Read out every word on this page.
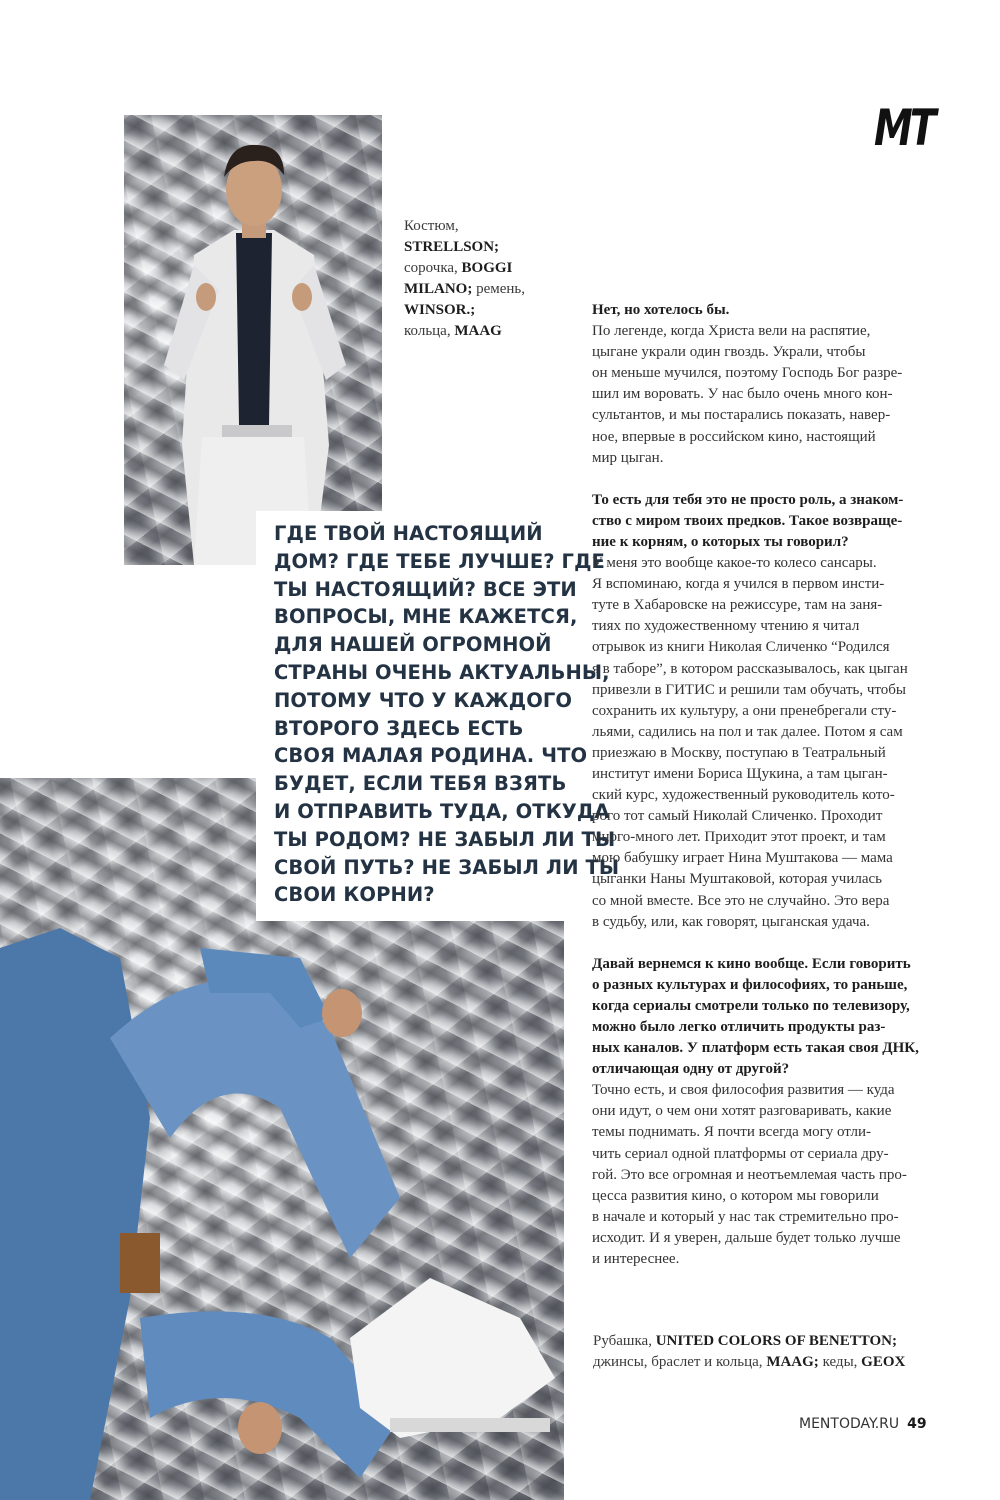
MT
Костюм,
STRELLSON;
сорочка, BOGGI
MILANO; ремень,
WINSOR.;
кольца, MAAG
ГДЕ ТВОЙ НАСТОЯЩИЙ
ДОМ? ГДЕ ТЕБЕ ЛУЧШЕ? ГДЕ
ТЫ НАСТОЯЩИЙ? ВСЕ ЭТИ
ВОПРОСЫ, МНЕ КАЖЕТСЯ,
ДЛЯ НАШЕЙ ОГРОМНОЙ
СТРАНЫ ОЧЕНЬ АКТУАЛЬНЫ,
ПОТОМУ ЧТО У КАЖДОГО
ВТОРОГО ЗДЕСЬ ЕСТЬ
СВОЯ МАЛАЯ РОДИНА. ЧТО
БУДЕТ, ЕСЛИ ТЕБЯ ВЗЯТЬ
И ОТПРАВИТЬ ТУДА, ОТКУДА
ТЫ РОДОМ? НЕ ЗАБЫЛ ЛИ ТЫ
СВОЙ ПУТЬ? НЕ ЗАБЫЛ ЛИ ТЫ
СВОИ КОРНИ?
Нет, но хотелось бы.
По легенде, когда Христа вели на распятие,
цыгане украли один гвоздь. Украли, чтобы
он меньше мучился, поэтому Господь Бог разре-
шил им воровать. У нас было очень много кон-
сультантов, и мы постарались показать, навер-
ное, впервые в российском кино, настоящий
мир цыган.
То есть для тебя это не просто роль, а знаком-
ство с миром твоих предков. Такое возвраще-
ние к корням, о которых ты говорил?
У меня это вообще какое-то колесо сансары.
Я вспоминаю, когда я учился в первом инсти-
туте в Хабаровске на режиссуре, там на заня-
тиях по художественному чтению я читал
отрывок из книги Николая Сличенко “Родился
я в таборе”, в котором рассказывалось, как цыган
привезли в ГИТИС и решили там обучать, чтобы
сохранить их культуру, а они пренебрегали сту-
льями, садились на пол и так далее. Потом я сам
приезжаю в Москву, поступаю в Театральный
институт имени Бориса Щукина, а там цыган-
ский курс, художественный руководитель кото-
рого тот самый Николай Сличенко. Проходит
много-много лет. Приходит этот проект, и там
мою бабушку играет Нина Муштакова — мама
цыганки Наны Муштаковой, которая училась
со мной вместе. Все это не случайно. Это вера
в судьбу, или, как говорят, цыганская удача.
Давай вернемся к кино вообще. Если говорить
о разных культурах и философиях, то раньше,
когда сериалы смотрели только по телевизору,
можно было легко отличить продукты раз-
ных каналов. У платформ есть такая своя ДНК,
отличающая одну от другой?
Точно есть, и своя философия развития — куда
они идут, о чем они хотят разговаривать, какие
темы поднимать. Я почти всегда могу отли-
чить сериал одной платформы от сериала дру-
гой. Это все огромная и неотъемлемая часть про-
цесса развития кино, о котором мы говорили
в начале и который у нас так стремительно про-
исходит. И я уверен, дальше будет только лучше
и интереснее.
Рубашка, UNITED COLORS OF BENETTON;
джинсы, браслет и кольца, MAAG; кеды, GEOX
MENTODAY.RU 49
